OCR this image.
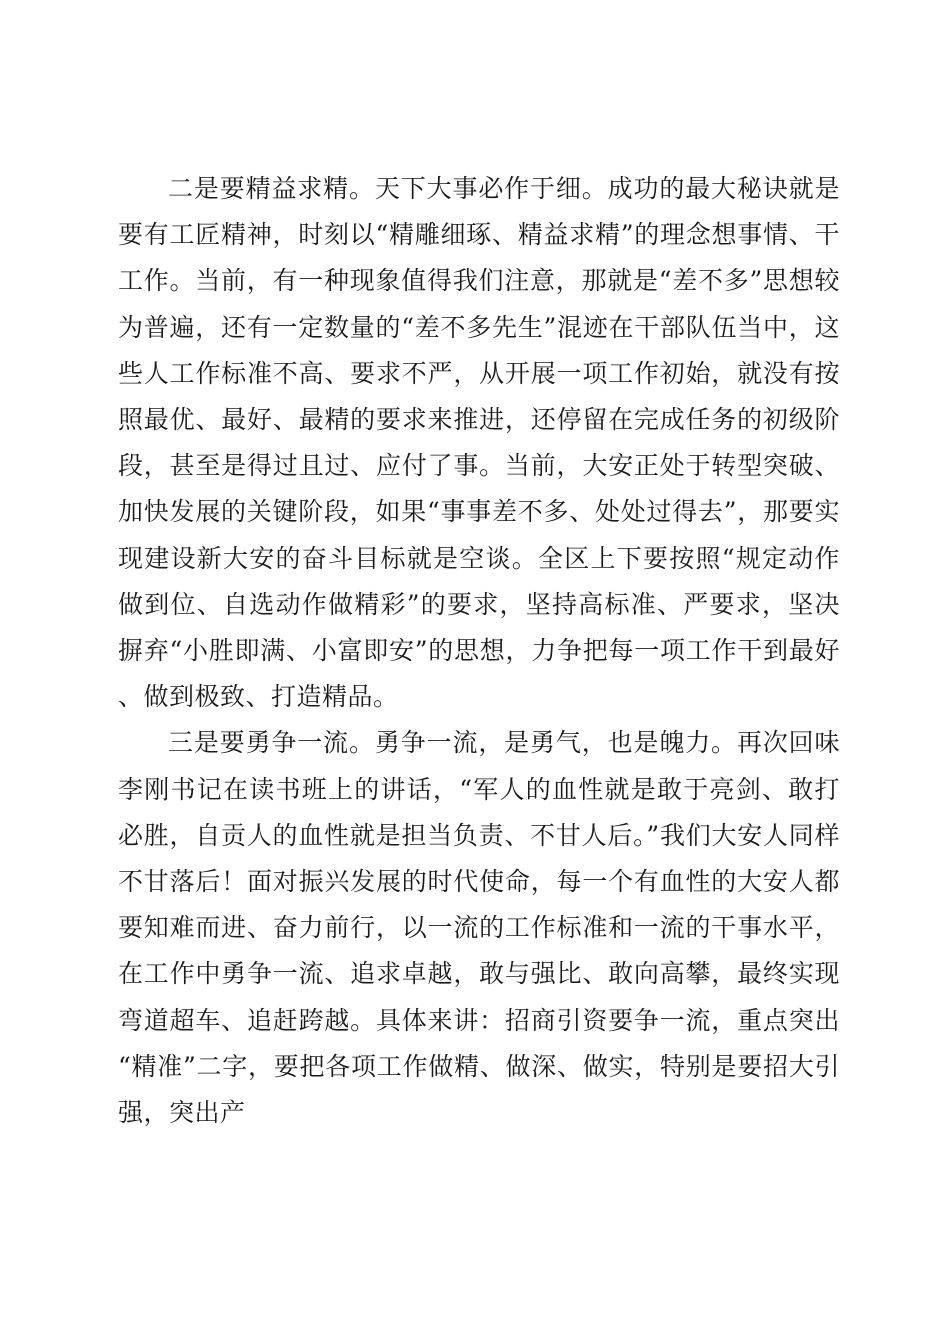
二是要精益求精。天下大事必作于细。成功的最大秘诀就是要有工匠精神，时刻以“精雕细琢、精益求精”的理念想事情、干工作。当前，有一种现象值得我们注意，那就是“差不多”思想较为普遍，还有一定数量的“差不多先生”混迹在干部队伍当中，这些人工作标准不高、要求不严，从开展一项工作初始，就没有按照最优、最好、最精的要求来推进，还停留在完成任务的初级阶段，甚至是得过且过、应付了事。当前，大安正处于转型突破、加快发展的关键阶段，如果“事事差不多、处处过得去”，那要实现建设新大安的奋斗目标就是空谈。全区上下要按照“规定动作做到位、自选动作做精彩”的要求，坚持高标准、严要求，坚决摒弃“小胜即满、小富即安”的思想，力争把每一项工作干到最好、做到极致、打造精品。

三是要勇争一流。勇争一流，是勇气，也是魄力。再次回味李刚书记在读书班上的讲话，“军人的血性就是敢于亮剑、敢打必胜，自贡人的血性就是担当负责、不甘人后。”我们大安人同样不甘落后！面对振兴发展的时代使命，每一个有血性的大安人都要知难而进、奋力前行，以一流的工作标准和一流的干事水平，在工作中勇争一流、追求卓越，敢与强比、敢向高攀，最终实现弯道超车、追赶跨越。具体来讲：招商引资要争一流，重点突出“精准”二字，要把各项工作做精、做深、做实，特别是要招大引强，突出产
